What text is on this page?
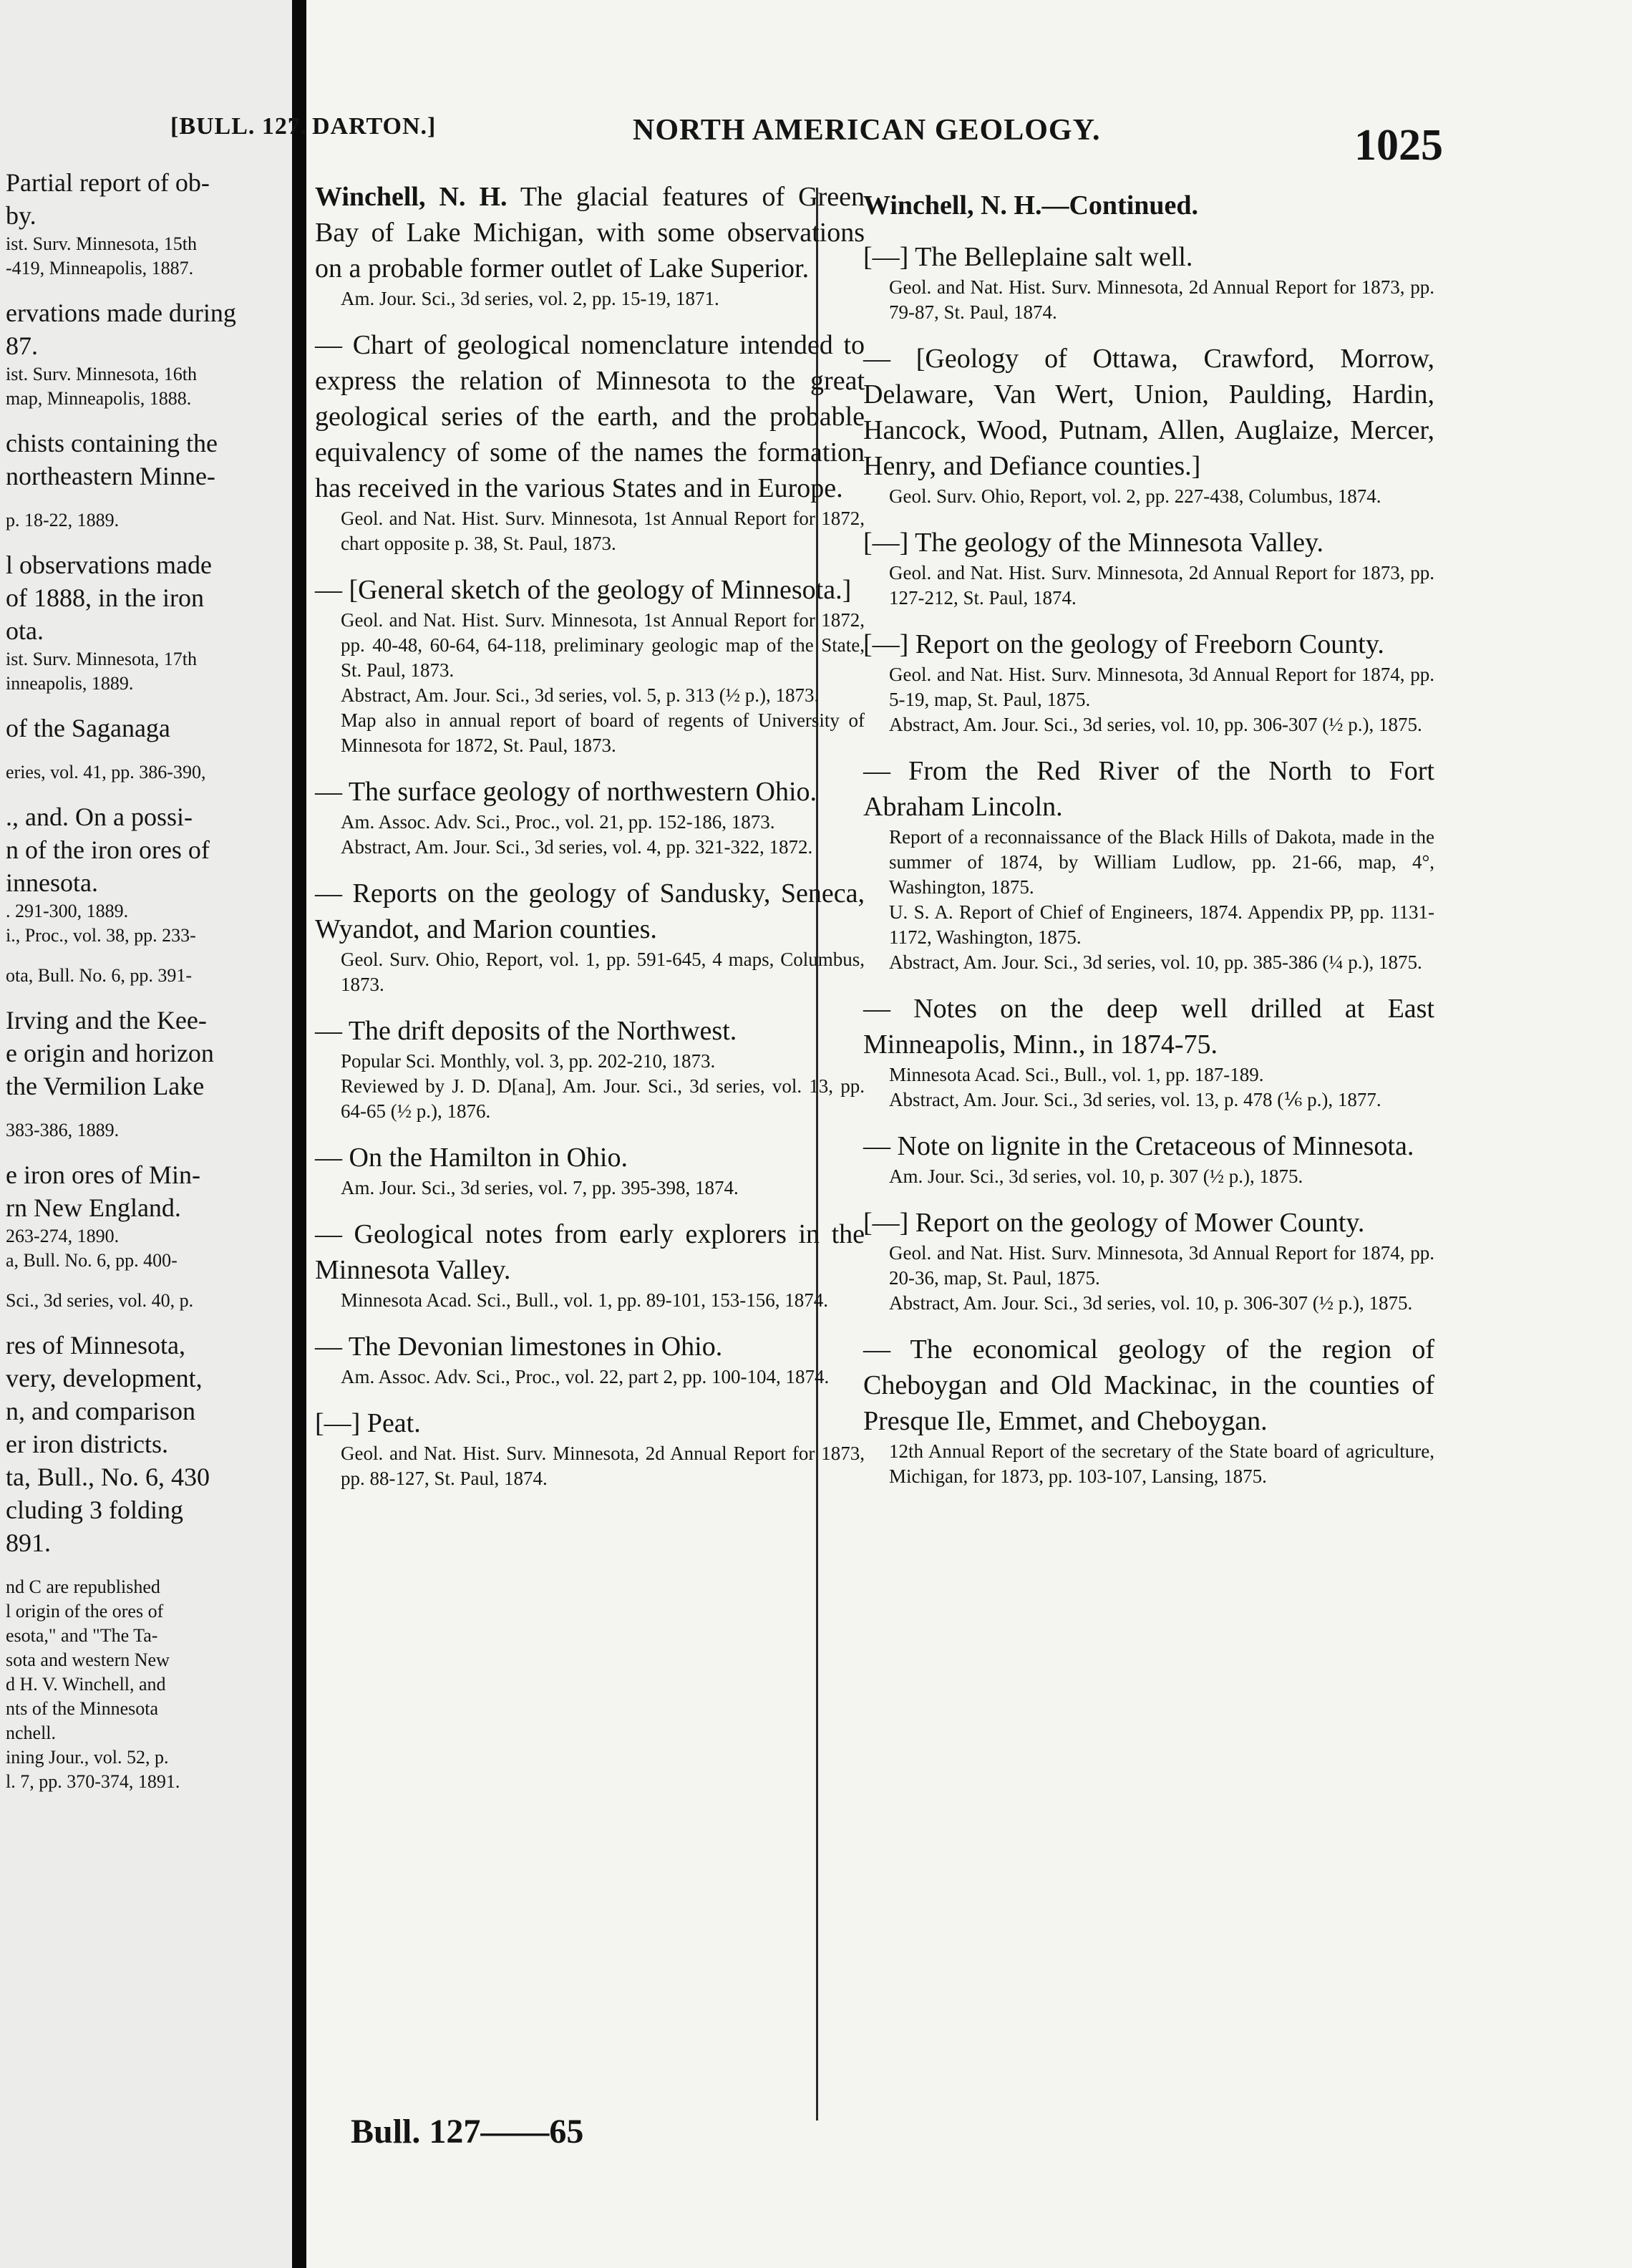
[BULL. 127. DARTON.]	NORTH AMERICAN GEOLOGY.	1025
Partial report of ob-
by.
ist. Surv. Minnesota, 15th
-419, Minneapolis, 1887.
ervations made during
87.
ist. Surv. Minnesota, 16th
map, Minneapolis, 1888.
chists containing the
northeastern Minne-
p. 18-22, 1889.
l observations made
of 1888, in the iron
ota.
ist. Surv. Minnesota, 17th
inneapolis, 1889.
of the Saganaga
eries, vol. 41, pp. 386-390,
., and. On a possi-
n of the iron ores of
innesota.
. 291-300, 1889.
i., Proc., vol. 38, pp. 233-
ota, Bull. No. 6, pp. 391-
Irving and the Kee-
e origin and horizon
the Vermilion Lake
383-386, 1889.
e iron ores of Min-
rn New England.
263-274, 1890.
a, Bull. No. 6, pp. 400-
Sci., 3d series, vol. 40, p.
res of Minnesota,
very, development,
n, and comparison
er iron districts.
ta, Bull., No. 6, 430
cluding 3 folding
891.
nd C are republished
l origin of the ores of
esota," and "The Ta-
sota and western New
d H. V. Winchell, and
nts of the Minnesota
nchell.
ining Jour., vol. 52, p.
l. 7, pp. 370-374, 1891.

Winchell, N. H. The glacial features of Green Bay of Lake Michigan, with some observations on a probable former outlet of Lake Superior.

Am. Jour. Sci., 3d series, vol. 2, pp. 15-19, 1871.

— Chart of geological nomenclature intended to express the relation of Minnesota to the great geological series of the earth, and the probable equivalency of some of the names the formation has received in the various States and in Europe.

Geol. and Nat. Hist. Surv. Minnesota, 1st Annual Report for 1872, chart opposite p. 38, St. Paul, 1873.

— [General sketch of the geology of Minnesota.]

Geol. and Nat. Hist. Surv. Minnesota, 1st Annual Report for 1872, pp. 40-48, 60-64, 64-118, preliminary geologic map of the State, St. Paul, 1873.

Abstract, Am. Jour. Sci., 3d series, vol. 5, p. 313 (½ p.), 1873.

Map also in annual report of board of regents of University of Minnesota for 1872, St. Paul, 1873.

— The surface geology of northwestern Ohio.

Am. Assoc. Adv. Sci., Proc., vol. 21, pp. 152-186, 1873.

Abstract, Am. Jour. Sci., 3d series, vol. 4, pp. 321-322, 1872.

— Reports on the geology of Sandusky, Seneca, Wyandot, and Marion counties.

Geol. Surv. Ohio, Report, vol. 1, pp. 591-645, 4 maps, Columbus, 1873.

— The drift deposits of the Northwest.

Popular Sci. Monthly, vol. 3, pp. 202-210, 1873.

Reviewed by J. D. D[ana], Am. Jour. Sci., 3d series, vol. 13, pp. 64-65 (½ p.), 1876.

— On the Hamilton in Ohio.

Am. Jour. Sci., 3d series, vol. 7, pp. 395-398, 1874.

— Geological notes from early explorers in the Minnesota Valley.

Minnesota Acad. Sci., Bull., vol. 1, pp. 89-101, 153-156, 1874.

— The Devonian limestones in Ohio.

Am. Assoc. Adv. Sci., Proc., vol. 22, part 2, pp. 100-104, 1874.

[—] Peat.

Geol. and Nat. Hist. Surv. Minnesota, 2d Annual Report for 1873, pp. 88-127, St. Paul, 1874.

Winchell, N. H.—Continued.

[—] The Belleplaine salt well.

Geol. and Nat. Hist. Surv. Minnesota, 2d Annual Report for 1873, pp. 79-87, St. Paul, 1874.

— [Geology of Ottawa, Crawford, Morrow, Delaware, Van Wert, Union, Paulding, Hardin, Hancock, Wood, Putnam, Allen, Auglaize, Mercer, Henry, and Defiance counties.]

Geol. Surv. Ohio, Report, vol. 2, pp. 227-438, Columbus, 1874.

[—] The geology of the Minnesota Valley.

Geol. and Nat. Hist. Surv. Minnesota, 2d Annual Report for 1873, pp. 127-212, St. Paul, 1874.

[—] Report on the geology of Freeborn County.

Geol. and Nat. Hist. Surv. Minnesota, 3d Annual Report for 1874, pp. 5-19, map, St. Paul, 1875.

Abstract, Am. Jour. Sci., 3d series, vol. 10, pp. 306-307 (½ p.), 1875.

— From the Red River of the North to Fort Abraham Lincoln.

Report of a reconnaissance of the Black Hills of Dakota, made in the summer of 1874, by William Ludlow, pp. 21-66, map, 4°, Washington, 1875.

U. S. A. Report of Chief of Engineers, 1874. Appendix PP, pp. 1131-1172, Washington, 1875.

Abstract, Am. Jour. Sci., 3d series, vol. 10, pp. 385-386 (¼ p.), 1875.

— Notes on the deep well drilled at East Minneapolis, Minn., in 1874-75.

Minnesota Acad. Sci., Bull., vol. 1, pp. 187-189.

Abstract, Am. Jour. Sci., 3d series, vol. 13, p. 478 (⅙ p.), 1877.

— Note on lignite in the Cretaceous of Minnesota.

Am. Jour. Sci., 3d series, vol. 10, p. 307 (½ p.), 1875.

[—] Report on the geology of Mower County.

Geol. and Nat. Hist. Surv. Minnesota, 3d Annual Report for 1874, pp. 20-36, map, St. Paul, 1875.

Abstract, Am. Jour. Sci., 3d series, vol. 10, p. 306-307 (½ p.), 1875.

— The economical geology of the region of Cheboygan and Old Mackinac, in the counties of Presque Ile, Emmet, and Cheboygan.

12th Annual Report of the secretary of the State board of agriculture, Michigan, for 1873, pp. 103-107, Lansing, 1875.

Bull. 127——65
